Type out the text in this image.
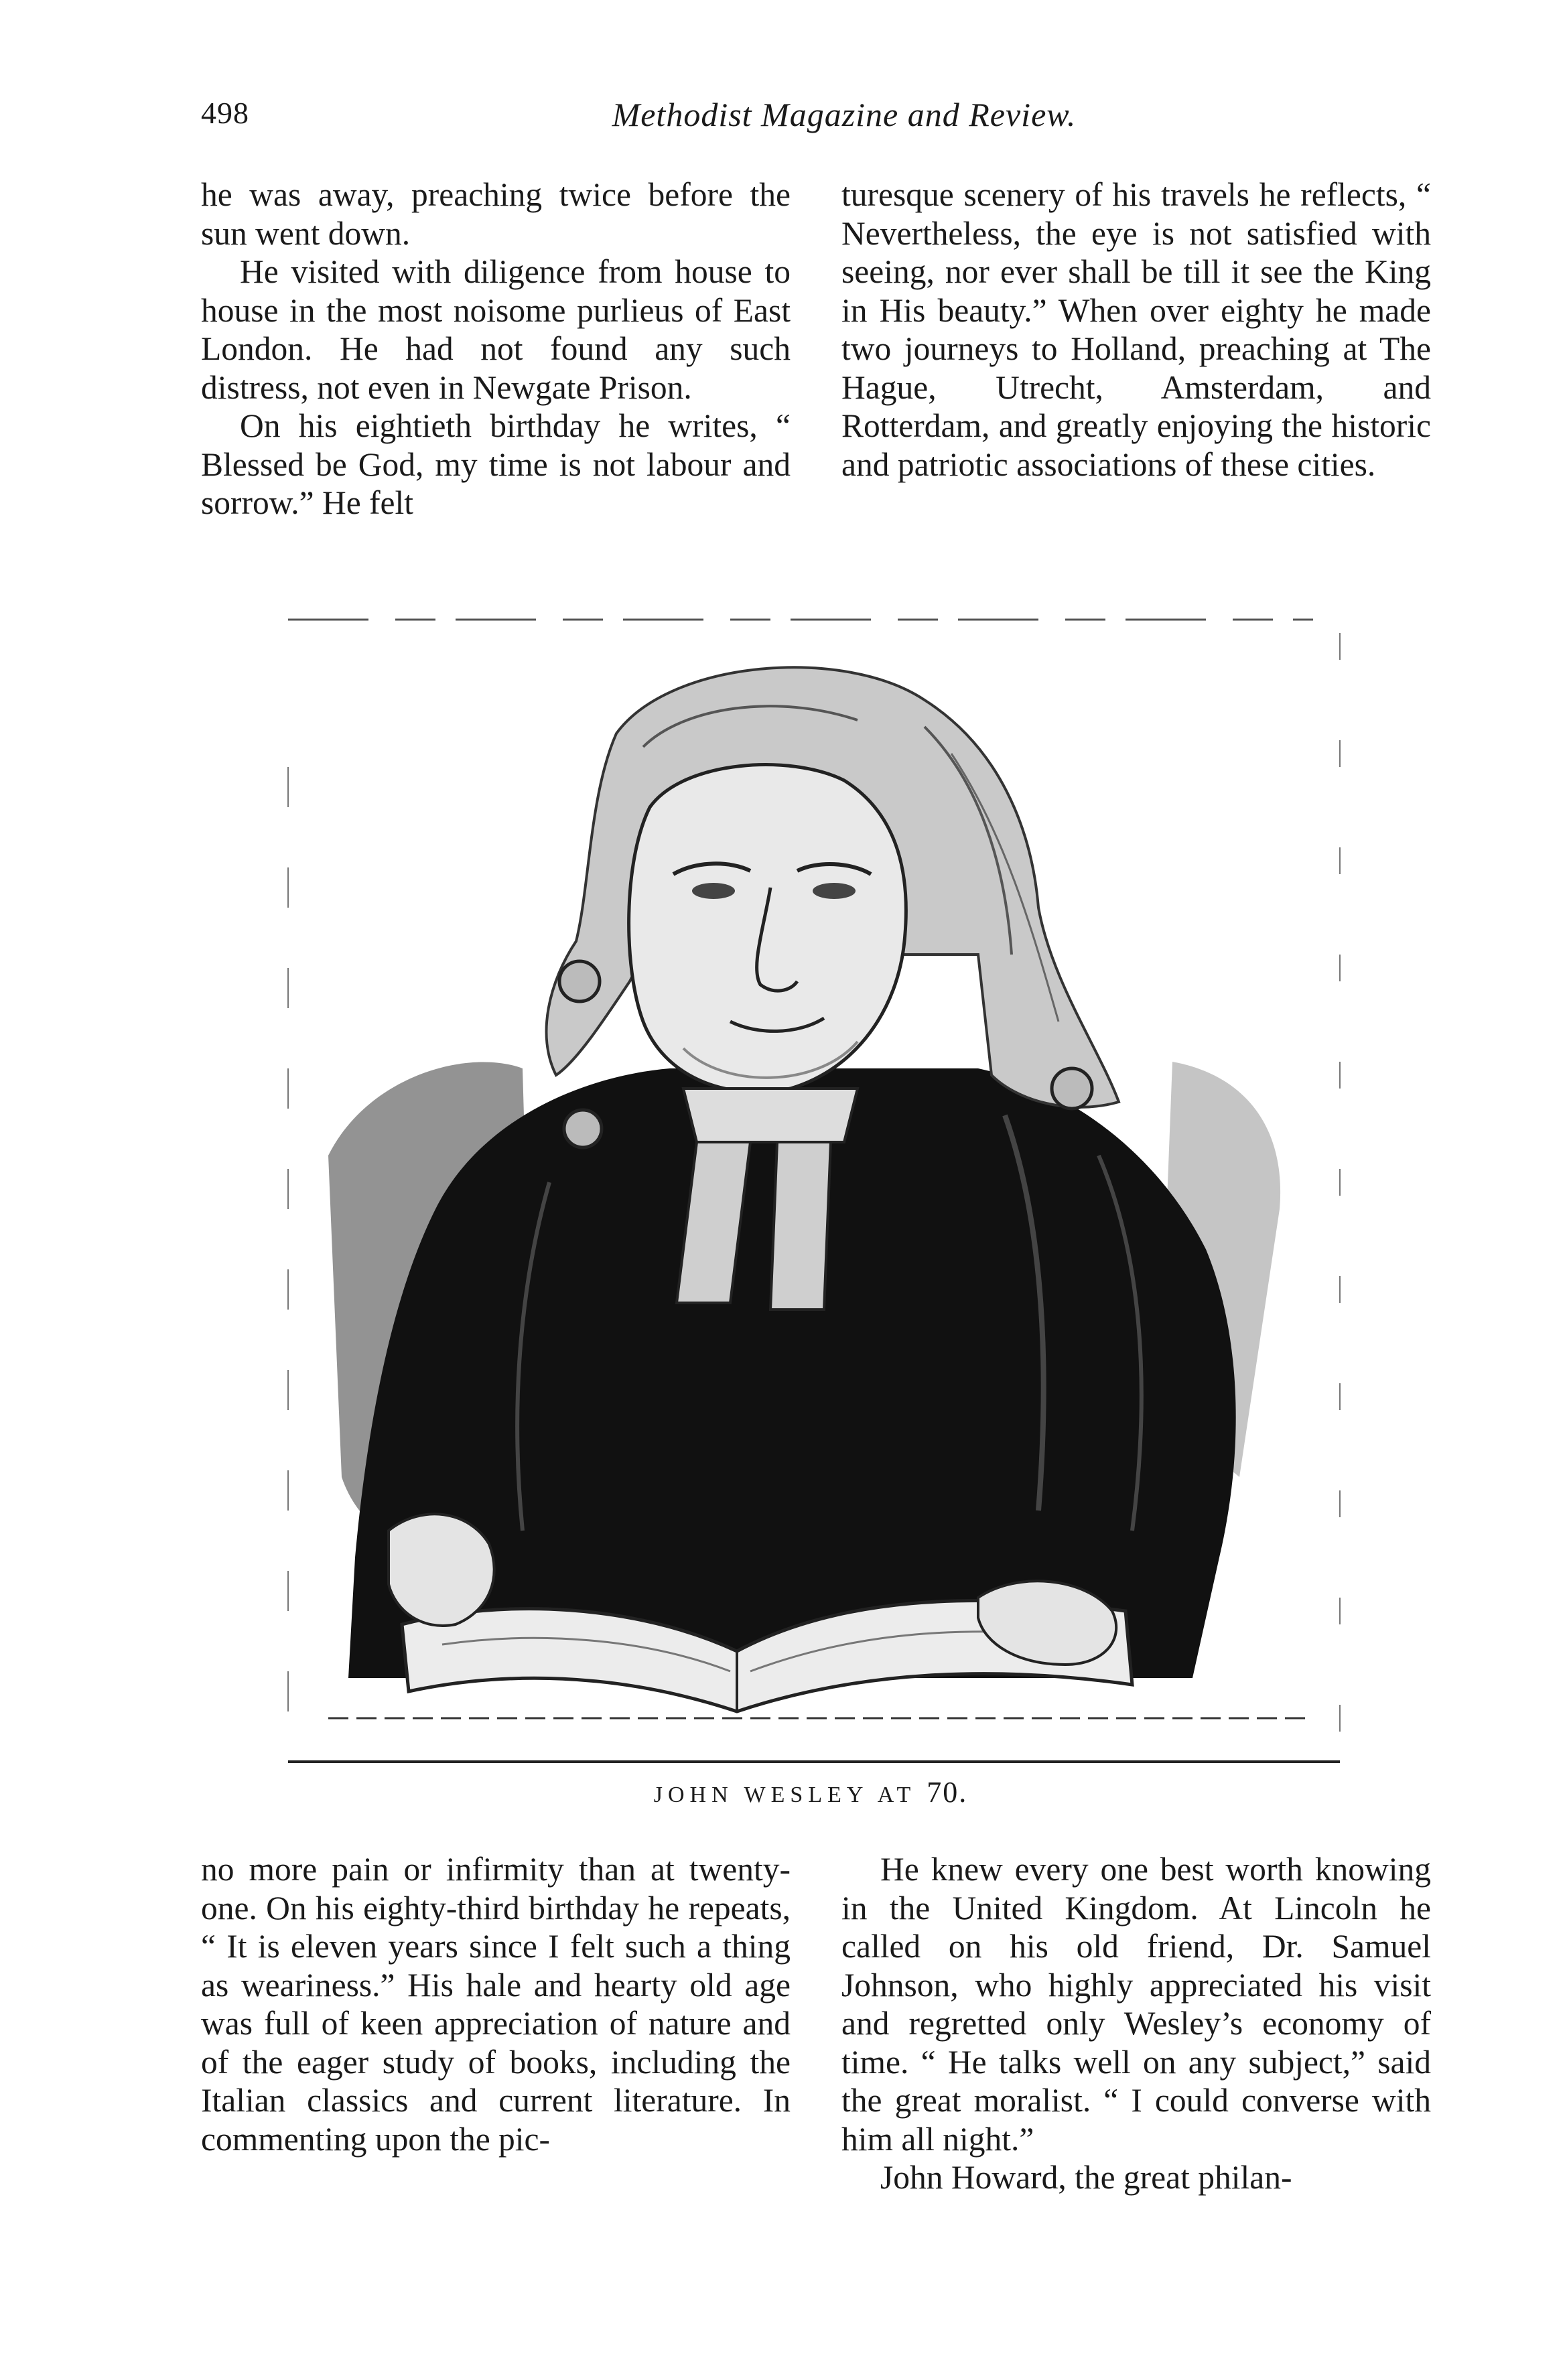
498	Methodist Magazine and Review.

he was away, preaching twice before the sun went down.

He visited with diligence from house to house in the most noisome purlieus of East London. He had not found any such distress, not even in Newgate Prison.

On his eightieth birthday he writes, “ Blessed be God, my time is not labour and sorrow.” He felt

turesque scenery of his travels he reflects, “ Nevertheless, the eye is not satisfied with seeing, nor ever shall be till it see the King in His beauty.” When over eighty he made two journeys to Holland, preaching at The Hague, Utrecht, Amsterdam, and Rotterdam, and greatly enjoying the historic and patriotic associations of these cities.

JOHN WESLEY AT 70.

no more pain or infirmity than at twenty-one. On his eighty-third birthday he repeats, “ It is eleven years since I felt such a thing as weariness.” His hale and hearty old age was full of keen appreciation of nature and of the eager study of books, including the Italian classics and current literature. In commenting upon the pic-

He knew every one best worth knowing in the United Kingdom. At Lincoln he called on his old friend, Dr. Samuel Johnson, who highly appreciated his visit and regretted only Wesley’s economy of time. “ He talks well on any subject,” said the great moralist. “ I could converse with him all night.”

John Howard, the great philan-
